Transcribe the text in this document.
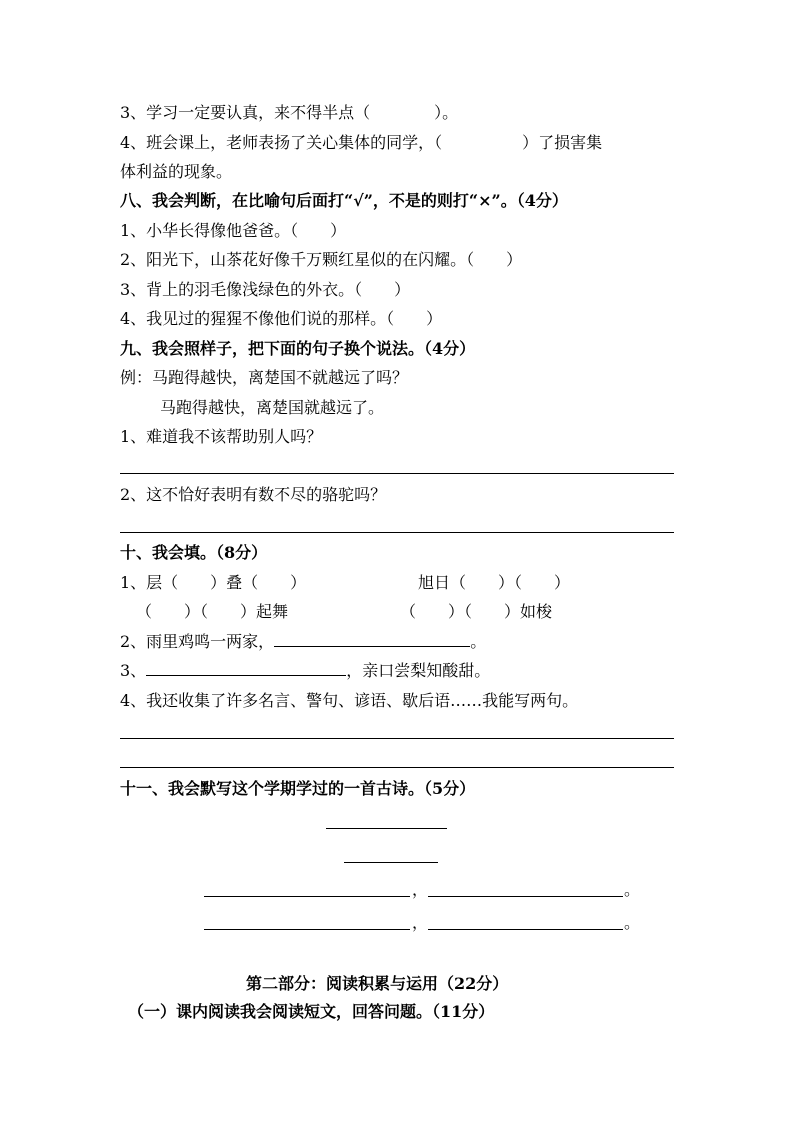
3、学习一定要认真，来不得半点（　　　　）。
4、班会课上，老师表扬了关心集体的同学，（　　　　　）了损害集
体利益的现象。
八、我会判断，在比喻句后面打“√”，不是的则打“×”。（4分）
1、小华长得像他爸爸。（　　）
2、阳光下，山茶花好像千万颗红星似的在闪耀。（　　）
3、背上的羽毛像浅绿色的外衣。（　　）
4、我见过的猩猩不像他们说的那样。（　　）
九、我会照样子，把下面的句子换个说法。（4分）
例：马跑得越快，离楚国不就越远了吗？
马跑得越快，离楚国就越远了。
1、难道我不该帮助别人吗？
2、这不恰好表明有数不尽的骆驼吗？
十、我会填。（8分）
1、层（　　）叠（　　）	旭日（　　）（　　）
（　　）（　　）起舞	（　　）（　　）如梭
2、雨里鸡鸣一两家，	。
3、	，亲口尝梨知酸甜。
4、我还收集了许多名言、警句、谚语、歇后语……我能写两句。
十一、我会默写这个学期学过的一首古诗。（5分）
，	。
，	。
第二部分：阅读积累与运用（22分）
（一）课内阅读我会阅读短文，回答问题。（11分）
